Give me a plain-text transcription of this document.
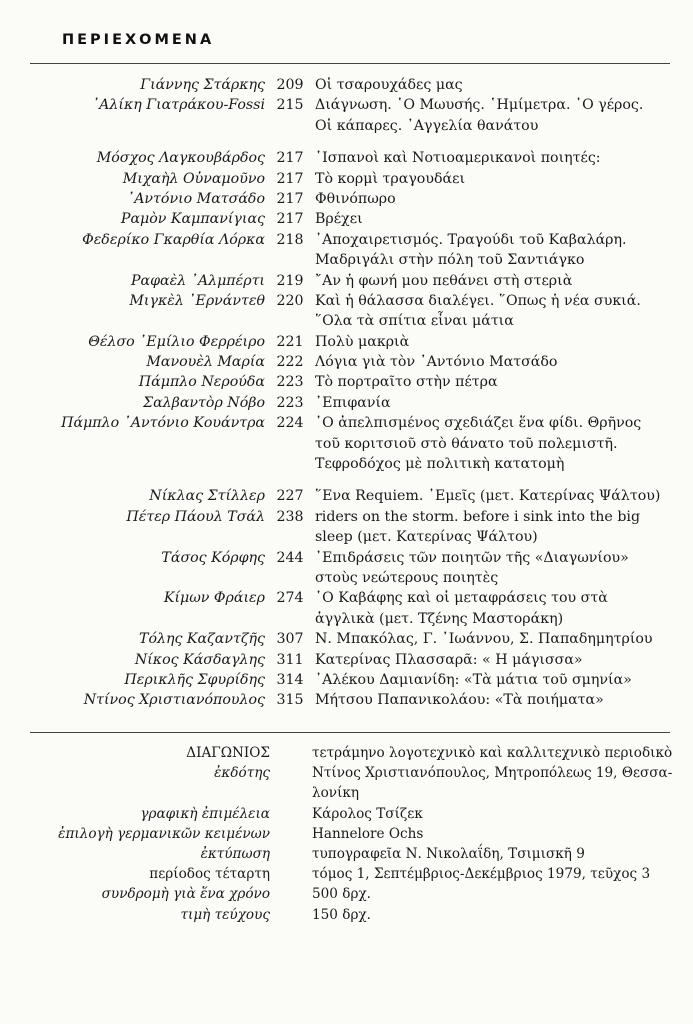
ΠΕΡΙΕΧΟΜΕΝΑ
Γιάννης Στάρκης 209 Οἱ τσαρουχάδες μας
᾿Αλίκη Γιατράκου-Fossi 215 Διάγνωση. ῾Ο Μωυσής. ῾Ημίμετρα. ῾Ο γέρος.
Οἱ κάπαρες. ᾿Αγγελία θανάτου
Μόσχος Λαγκουβάρδος 217 ῾Ισπανοὶ καὶ Νοτιοαμερικανοὶ ποιητές:
Μιχαὴλ Οὐναμοῦνο 217 Τὸ κορμὶ τραγουδάει
᾿Αντόνιο Ματσάδο 217 Φθινόπωρο
Ραμὸν Καμπανίγιας 217 Βρέχει
Φεδερίκο Γκαρθία Λόρκα 218 ᾿Αποχαιρετισμός. Τραγούδι τοῦ Καβαλάρη.
Μαδριγάλι στὴν πόλη τοῦ Σαντιάγκο
Ραφαὲλ ᾿Αλμπέρτι 219 ῎Αν ἡ φωνή μου πεθάνει στὴ στεριὰ
Μιγκὲλ ᾿Ερνάντεθ 220 Καὶ ἡ θάλασσα διαλέγει. ῞Οπως ἡ νέα συκιά.
῞Ολα τὰ σπίτια εἶναι μάτια
Θέλσο ᾿Εμίλιο Φερρέιρο 221 Πολὺ μακριὰ
Μανουὲλ Μαρία 222 Λόγια γιὰ τὸν ᾿Αντόνιο Ματσάδο
Πάμπλο Νερούδα 223 Τὸ πορτραῖτο στὴν πέτρα
Σαλβαντὸρ Νόβο 223 ᾿Επιφανία
Πάμπλο ᾿Αντόνιο Κουάντρα 224 ῾Ο ἀπελπισμένος σχεδιάζει ἕνα φίδι. Θρῆνος
τοῦ κοριτσιοῦ στὸ θάνατο τοῦ πολεμιστῆ.
Τεφροδόχος μὲ πολιτικὴ κατατομὴ
Νίκλας Στίλλερ 227 ῞Ενα Requiem. ᾿Εμεῖς (μετ. Κατερίνας Ψάλτου)
Πέτερ Πάουλ Τσάλ 238 riders on the storm. before i sink into the big
sleep (μετ. Κατερίνας Ψάλτου)
Τάσος Κόρφης 244 ᾿Επιδράσεις τῶν ποιητῶν τῆς «Διαγωνίου»
στοὺς νεώτερους ποιητὲς
Κίμων Φράιερ 274 ῾Ο Καβάφης καὶ οἱ μεταφράσεις του στὰ
ἀγγλικὰ (μετ. Τζένης Μαστοράκη)
Τόλης Καζαντζῆς 307 Ν. Μπακόλας, Γ. ᾿Ιωάννου, Σ. Παπαδημητρίου
Νίκος Κάσδαγλης 311 Κατερίνας Πλασσαρᾶ: « Η μάγισσα»
Περικλῆς Σφυρίδης 314 ᾿Αλέκου Δαμιανίδη: «Τὰ μάτια τοῦ σμηνία»
Ντίνος Χριστιανόπουλος 315 Μήτσου Παπανικολάου: «Τὰ ποιήματα»
ΔΙΑΓΩΝΙΟΣ	τετράμηνο λογοτεχνικὸ καὶ καλλιτεχνικὸ περιοδικὸ
ἐκδότης	Ντίνος Χριστιανόπουλος, Μητροπόλεως 19, Θεσσα-
λονίκη
γραφικὴ ἐπιμέλεια	Κάρολος Τσίζεκ
ἐπιλογὴ γερμανικῶν κειμένων	Hannelore Ochs
ἐκτύπωση	τυπογραφεῖα Ν. Νικολαΐδη, Τσιμισκῆ 9
περίοδος τέταρτη	τόμος 1, Σεπτέμβριος-Δεκέμβριος 1979, τεῦχος 3
συνδρομὴ γιὰ ἕνα χρόνο	500 δρχ.
τιμὴ τεύχους	150 δρχ.
